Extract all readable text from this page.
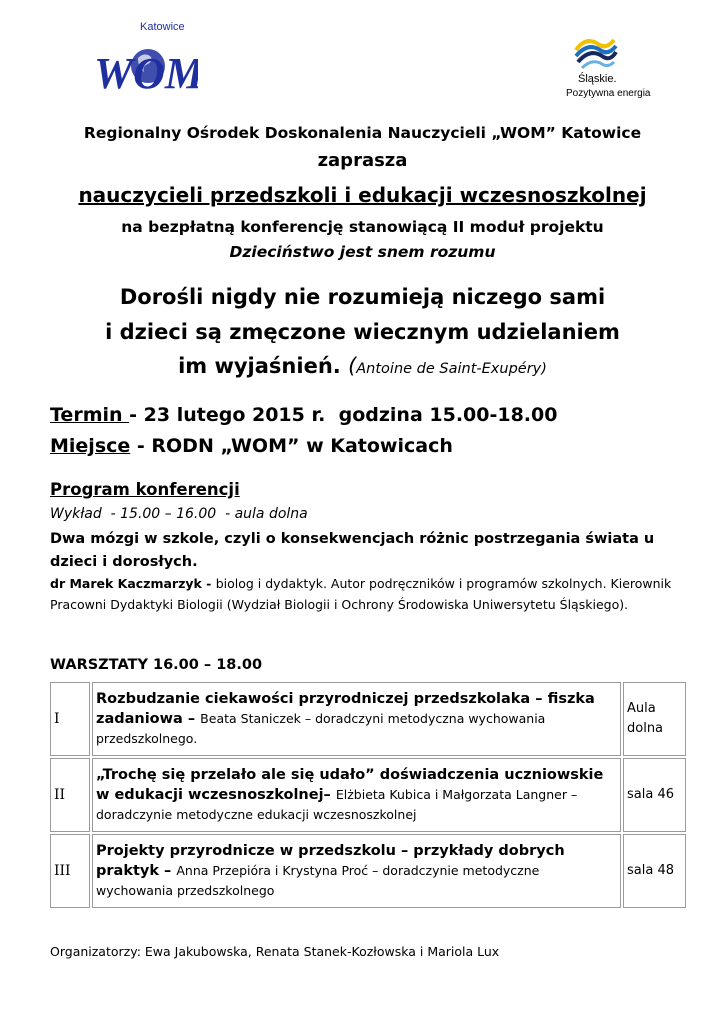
Katowice
WOM	Śląskie.
Pozytywna energia
Regionalny Ośrodek Doskonalenia Nauczycieli „WOM” Katowice
zaprasza
nauczycieli przedszkoli i edukacji wczesnoszkolnej
na bezpłatną konferencję stanowiącą II moduł projektu
Dzieciństwo jest snem rozumu
Dorośli nigdy nie rozumieją niczego sami
i dzieci są zmęczone wiecznym udzielaniem
im wyjaśnień. (Antoine de Saint-Exupéry)
Termin - 23 lutego 2015 r.  godzina 15.00-18.00
Miejsce - RODN „WOM” w Katowicach
Program konferencji
Wykład  - 15.00 – 16.00  - aula dolna
Dwa mózgi w szkole, czyli o konsekwencjach różnic postrzegania świata u dzieci i dorosłych.
dr Marek Kaczmarzyk - biolog i dydaktyk. Autor podręczników i programów szkolnych. Kierownik Pracowni Dydaktyki Biologii (Wydział Biologii i Ochrony Środowiska Uniwersytetu Śląskiego).
WARSZTATY 16.00 – 18.00
I	Rozbudzanie ciekawości przyrodniczej przedszkolaka – fiszka zadaniowa – Beata Staniczek – doradczyni metodyczna wychowania przedszkolnego.	Aula dolna
II	„Trochę się przelało ale się udało” doświadczenia uczniowskie w edukacji wczesnoszkolnej– Elżbieta Kubica i Małgorzata Langner – doradczynie metodyczne edukacji wczesnoszkolnej	sala 46
III	Projekty przyrodnicze w przedszkolu – przykłady dobrych praktyk – Anna Przepióra i Krystyna Proć – doradczynie metodyczne wychowania przedszkolnego	sala 48
Organizatorzy: Ewa Jakubowska, Renata Stanek-Kozłowska i Mariola Lux
